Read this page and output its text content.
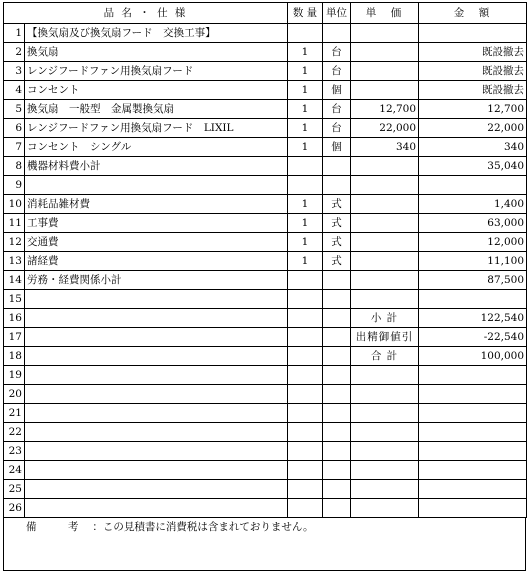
品 名 ・ 仕 様		数 量	単位	単　価	金　額
1	【換気扇及び換気扇フード　交換工事】				
2	換気扇	1	台		既設撤去
3	レンジフードファン用換気扇フード	1	台		既設撤去
4	コンセント	1	個		既設撤去
5	換気扇　一般型　金属製換気扇	1	台	12,700	12,700
6	レンジフードファン用換気扇フード　LIXIL	1	台	22,000	22,000
7	コンセント　シングル	1	個	340	340
8	機器材料費小計				35,040
9					
10	消耗品雑材費	1	式		1,400
11	工事費	1	式		63,000
12	交通費	1	式		12,000
13	諸経費	1	式		11,100
14	労務・経費関係小計				87,500
15					
16				小 計	122,540
17				出精御値引	-22,540
18				合 計	100,000
19					
20					
21					
22					
23					
24					
25					
26					
備 考：この見積書に消費税は含まれておりません。
